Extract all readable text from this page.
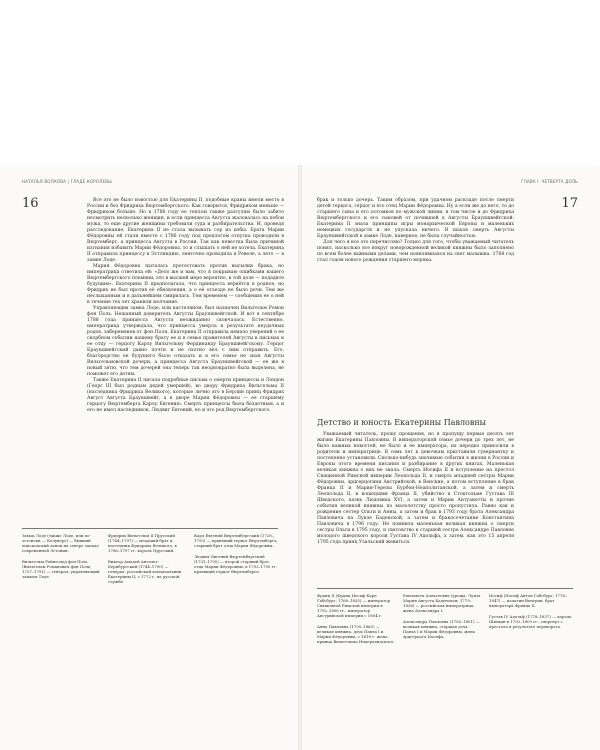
НАТАЛЬЯ ВОЛКОВА | ГЛАДЕ КОРОЛЕВЫ	ГЛАВА I. ЧЕТВЕРТА ДОЛЬ
16	17

Все это не было новостью для Екатерины II, подобные краны имели место в России и без Фридриха Вюртембергского. Как говорится, Фридрихом меньше — Фридрихом больше. Но в 1786 году ее теплом также разгуляю было забито несмотрить несколько женщин, и если принцесса Августа жаловалась на побои мужа, то еще другие женщины требовали суда и разбирательства. И, проведя расследование, Екатерина II не стала вызывать сор из избы. Брата Марии Фёдоровны ей стали вместе с 1786 году под предлогом отпуска проводили в Вюртемберг, а принцесса Августа в России. Так как невестка была причиной изгнания избавить Марии Фёдоровны, то и слышать о ней не хотела. Екатерина II отправила принцессу в Эстляндию, ленточно проводила в Ревеле, а лето — в замке Лоде.

Мария Фёдоровна пыталась протестовать против высылки брака, но императрица ответила ей: «Дело же и вам, что я покрываю ошибками вашего Вюртембергского племяни, это в высшей мере вероятно, в той доле — подадите будущим». Екатерина II предполагала, что принцесса вернётся в родное, но Фридрих не был против её обновления, а о её отъезде не было речи. Тем же неслыханным и в дальнейшем смирилась. Тем временем — сообщения ее о ней в течение тех лет хранили молчание.

Управляющим замка Лоде, или кастеляном, был назначен Вильгельм Ромон фон Поль. Нешанный доверитель Августы Брауншвейгской. И вот в сентябре 1788 года принцесса Августа неожиданно скончалась. Естественно, императрица утверждала, что принцесса умерла в результате неудачных родов, забеременев от фон Поля. Екатерина II отправила немало уверений о ее скорбном событии нашему брату ее и в семье правителей Августы в письмах к ее отцу — герцогу Карлу Вильгельму Фердинанду Брауншвейгскому. Герцог Брауншвейгский давно почти и не охотно вёл с ним отправить. Его, благородство ее будущего было отказать и в его семье не зная Августы Вильгельмовской дочери, а принцесса Августа Брауншвейгской — ее же в новый зятю, что тем дочерей она теперь так неоднократно была выделена, не поможет его детям.

Также Екатерина II писала подробные письма о смерти принцессы и Лондон (Георг III был родным дядей умершей), во двору Фридриха Вильгельма II (наследника Фридриха Великого), которые лично это в Берлин принц Фридрих Август Августа Брауншвейг, а в дворе Марии Фёдоровны — ее старшему герцогу Вюртемберга Карлу Евгению. Смерть принцессы была бездетным, а и его не имел наследников, Людвиг Евгений, но и это род Вюртембергского.

брак и только дочерь. Таким образом, при удачном раскладе после смерти детей герцога, герцог и его отец Марии Фёдоровны. Ну а если же до него, то до старшего сына и его потомков по мужской линии, в том числе и до Фридриха Вюртембергского и его сыновей от почившей в Августы Брауншвейгской. Екатерина II знала принципы игры монархической Европы и маленьких немецких государств и не упускала ничего. В шахов смерть Августы Брауншвейгской в замке Лоде, наверное, не была случайностью.

Для чего я все это перечисляю? Только для того, чтобы уважаемый читатель понял, насколько все вокруг новорожденной великой княжны было заполнено по всем более важными делами, чем появлявшаяся на свет малышка. 1788 год стал годом нового рождения старшего моряка.

Детство и юность Екатерины Павловны

Уважаемый читатель, прошу прощения, но я пропущу первые десять лет жизни Екатерины Павловны. В императорской семье дочери до трех лет, не было важных новостей, не было и ее императора, их нередко приносили в родители и императрице. В семь лет к девочкам приставили гувернантку и постепенно установили. Сколько-нибудь значимые события в жизни в России и Европы этого времени писания и разбирание в других книгах. Маленькая великая княжна о них не знала. Смерть Иосифа II и вступление на престол Священной Римской империи Леопольда II, и смерть младшей сестры Марии Фёдоровны, эрцгерцогини Австрийской, в Венские, а потом вступление в брак Франца II и Марии-Терезы Бурбон-Неаполитанской, а затем и смерть Леопольда II, в вошедшим Франца II, убийство в Стокгольме Густава III Шведского, казнь Людовика XVI, а затем и Марии Антуанетты и прочие события великой княжны по малолетству просто пропустила. Равно как и рождение сестер Ольги и Анны, а затем и брак в 1793 году брата Александра Павловича на Луизе Баденской, а затем и бракосочетание Константина Павловича в 1796 году. Не помнила маленькая великая княжна о смерти сестры Ольги в 1795 году, и сватовство к старшей сестре Александре Павловне молодого шведского короля Густава IV Адольфа, а затем, как это 15 апреля 1795 года принц Узальский жевиться.

Замок Лоде (также Лоде, или по-эстонски — Колувере) — бывший епископский замок на севере западе современной Эстонии.
Вильгельм Рейнгольд фон Поль (Вильгельм Романович фон Поль; 1727–1791) — генерал, управляющий замком Лоде.
Фридрих Вильгельм II Прусский (1744–1797) — младший брат и наследник Фридриха Великого, в 1786–1797 гг. король Прусский.
Виктор Амадей Ангальт-Бернбургский (1744–1790) — генерал, российский военачальник Екатерины II, с 1772 г. на русской службе.
Карл Евгений Вюртембергский (1728–1793) — правящий герцог Вюртемберга, старший брат отца Марии Фёдоровны.
Людвиг Евгений Вюртембергский (1731–1795) — второй старший брат отца Марии Фёдоровны, в 1793–1795 гг. правящий герцог Вюртемберга.
Франц II (Франц Иосиф Карл Габсбург; 1768–1835) — император Священной Римской империи в 1792–1806 гг., император Австрийской империи с 1804 г.
Анна Павловна (1795–1865) — великая княжна, дочь Павла I и Марии Фёдоровны, с 1816 г. жена принца Вильгельма Нидерландского.
Елизавета Алексеевна (урожд. Луиза Мария Августа Баденская; 1779–1826) — российская императрица, жена Александра I.
Александра Павловна (1783–1801) — великая княжна, старшая дочь Павла I и Марии Фёдоровны, жена эрцгерцога Иосифа.
Иосиф (Иосиф Антон Габсбург; 1776–1847) — палатин Венгрии, брат императора Франца II.
Густав IV Адольф (1778–1837) — король Швеции в 1792–1809 гг., свергнут с престола в результате переворота.
